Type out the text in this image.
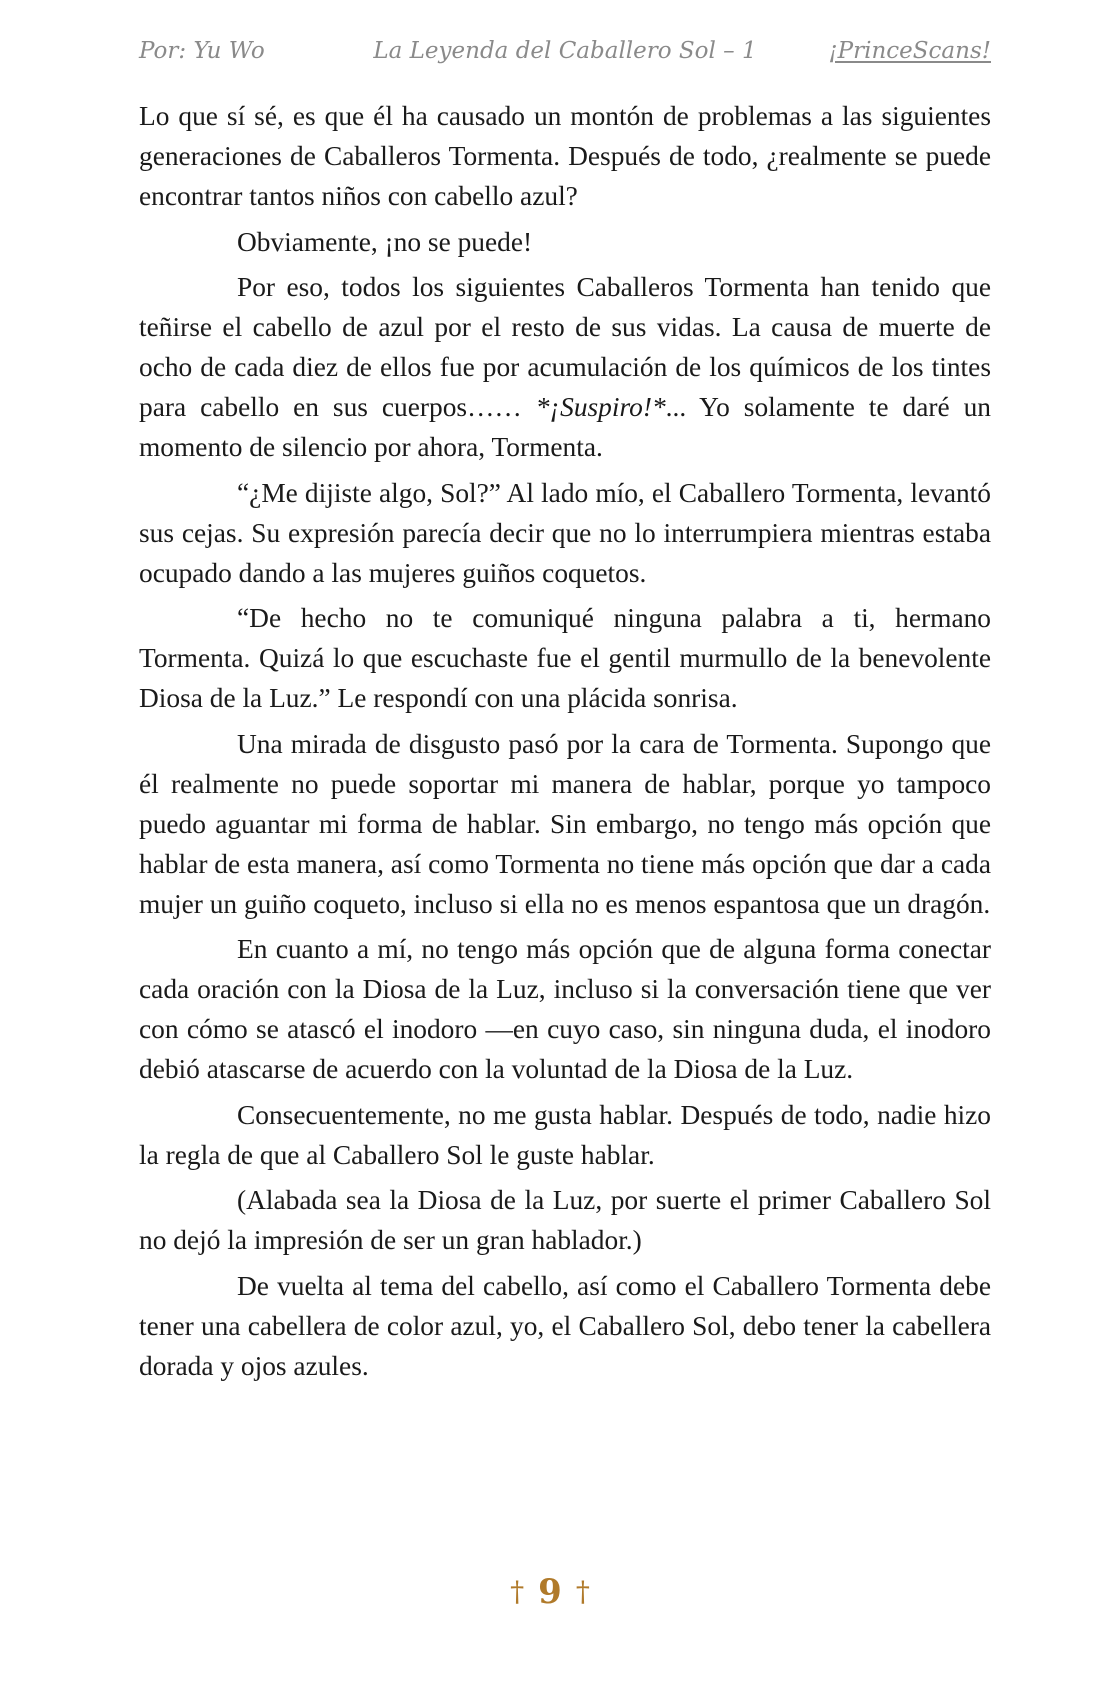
Por: Yu Wo	La Leyenda del Caballero Sol – 1	¡PrinceScans!

Lo que sí sé, es que él ha causado un montón de problemas a las siguientes generaciones de Caballeros Tormenta. Después de todo, ¿realmente se puede encontrar tantos niños con cabello azul?

Obviamente, ¡no se puede!

Por eso, todos los siguientes Caballeros Tormenta han tenido que teñirse el cabello de azul por el resto de sus vidas. La causa de muerte de ocho de cada diez de ellos fue por acumulación de los químicos de los tintes para cabello en sus cuerpos…… *¡Suspiro!*... Yo solamente te daré un momento de silencio por ahora, Tormenta.

“¿Me dijiste algo, Sol?” Al lado mío, el Caballero Tormenta, levantó sus cejas. Su expresión parecía decir que no lo interrumpiera mientras estaba ocupado dando a las mujeres guiños coquetos.

“De hecho no te comuniqué ninguna palabra a ti, hermano Tormenta. Quizá lo que escuchaste fue el gentil murmullo de la benevolente Diosa de la Luz.” Le respondí con una plácida sonrisa.

Una mirada de disgusto pasó por la cara de Tormenta. Supongo que él realmente no puede soportar mi manera de hablar, porque yo tampoco puedo aguantar mi forma de hablar. Sin embargo, no tengo más opción que hablar de esta manera, así como Tormenta no tiene más opción que dar a cada mujer un guiño coqueto, incluso si ella no es menos espantosa que un dragón.

En cuanto a mí, no tengo más opción que de alguna forma conectar cada oración con la Diosa de la Luz, incluso si la conversación tiene que ver con cómo se atascó el inodoro —en cuyo caso, sin ninguna duda, el inodoro debió atascarse de acuerdo con la voluntad de la Diosa de la Luz.

Consecuentemente, no me gusta hablar. Después de todo, nadie hizo la regla de que al Caballero Sol le guste hablar.

(Alabada sea la Diosa de la Luz, por suerte el primer Caballero Sol no dejó la impresión de ser un gran hablador.)

De vuelta al tema del cabello, así como el Caballero Tormenta debe tener una cabellera de color azul, yo, el Caballero Sol, debo tener la cabellera dorada y ojos azules.

† 9 †
